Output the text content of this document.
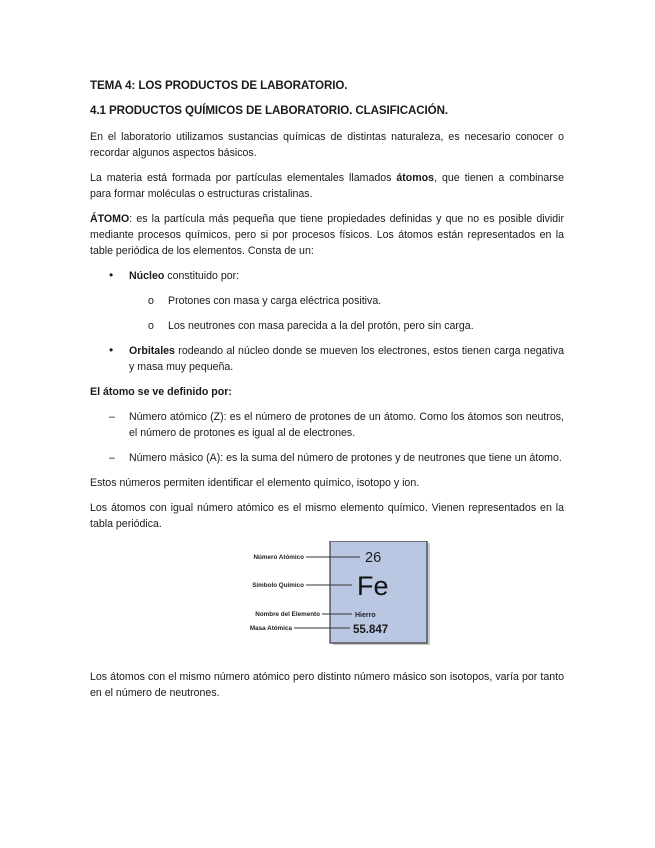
TEMA 4: LOS PRODUCTOS DE LABORATORIO.
4.1 PRODUCTOS QUÍMICOS DE LABORATORIO. CLASIFICACIÓN.

En el laboratorio utilizamos sustancias químicas de distintas naturaleza, es necesario conocer o recordar algunos aspectos básicos.

La materia está formada por partículas elementales llamados átomos, que tienen a combinarse para formar moléculas o estructuras cristalinas.

ÁTOMO: es la partícula más pequeña que tiene propiedades definidas y que no es posible dividir mediante procesos químicos, pero si por procesos físicos. Los átomos están representados en la table periódica de los elementos. Consta de un:

• Núcleo constituido por:
o Protones con masa y carga eléctrica positiva.
o Los neutrones con masa parecida a la del protón, pero sin carga.
• Orbitales rodeando al núcleo donde se mueven los electrones, estos tienen carga negativa y masa muy pequeña.

El átomo se ve definido por:

– Número atómico (Z): es el número de protones de un átomo. Como los átomos son neutros, el número de protones es igual al de electrones.
– Número másico (A): es la suma del número de protones y de neutrones que tiene un átomo.

Estos números permiten identificar el elemento químico, isotopo y ion.

Los átomos con igual número atómico es el mismo elemento químico. Vienen representados en la tabla periódica.

Número Atómico
Símbolo Químico
Nombre del Elemento
Masa Atómica
26
Fe
Hierro
55.847

Los átomos con el mismo número atómico pero distinto número másico son isotopos, varía por tanto en el número de neutrones.
